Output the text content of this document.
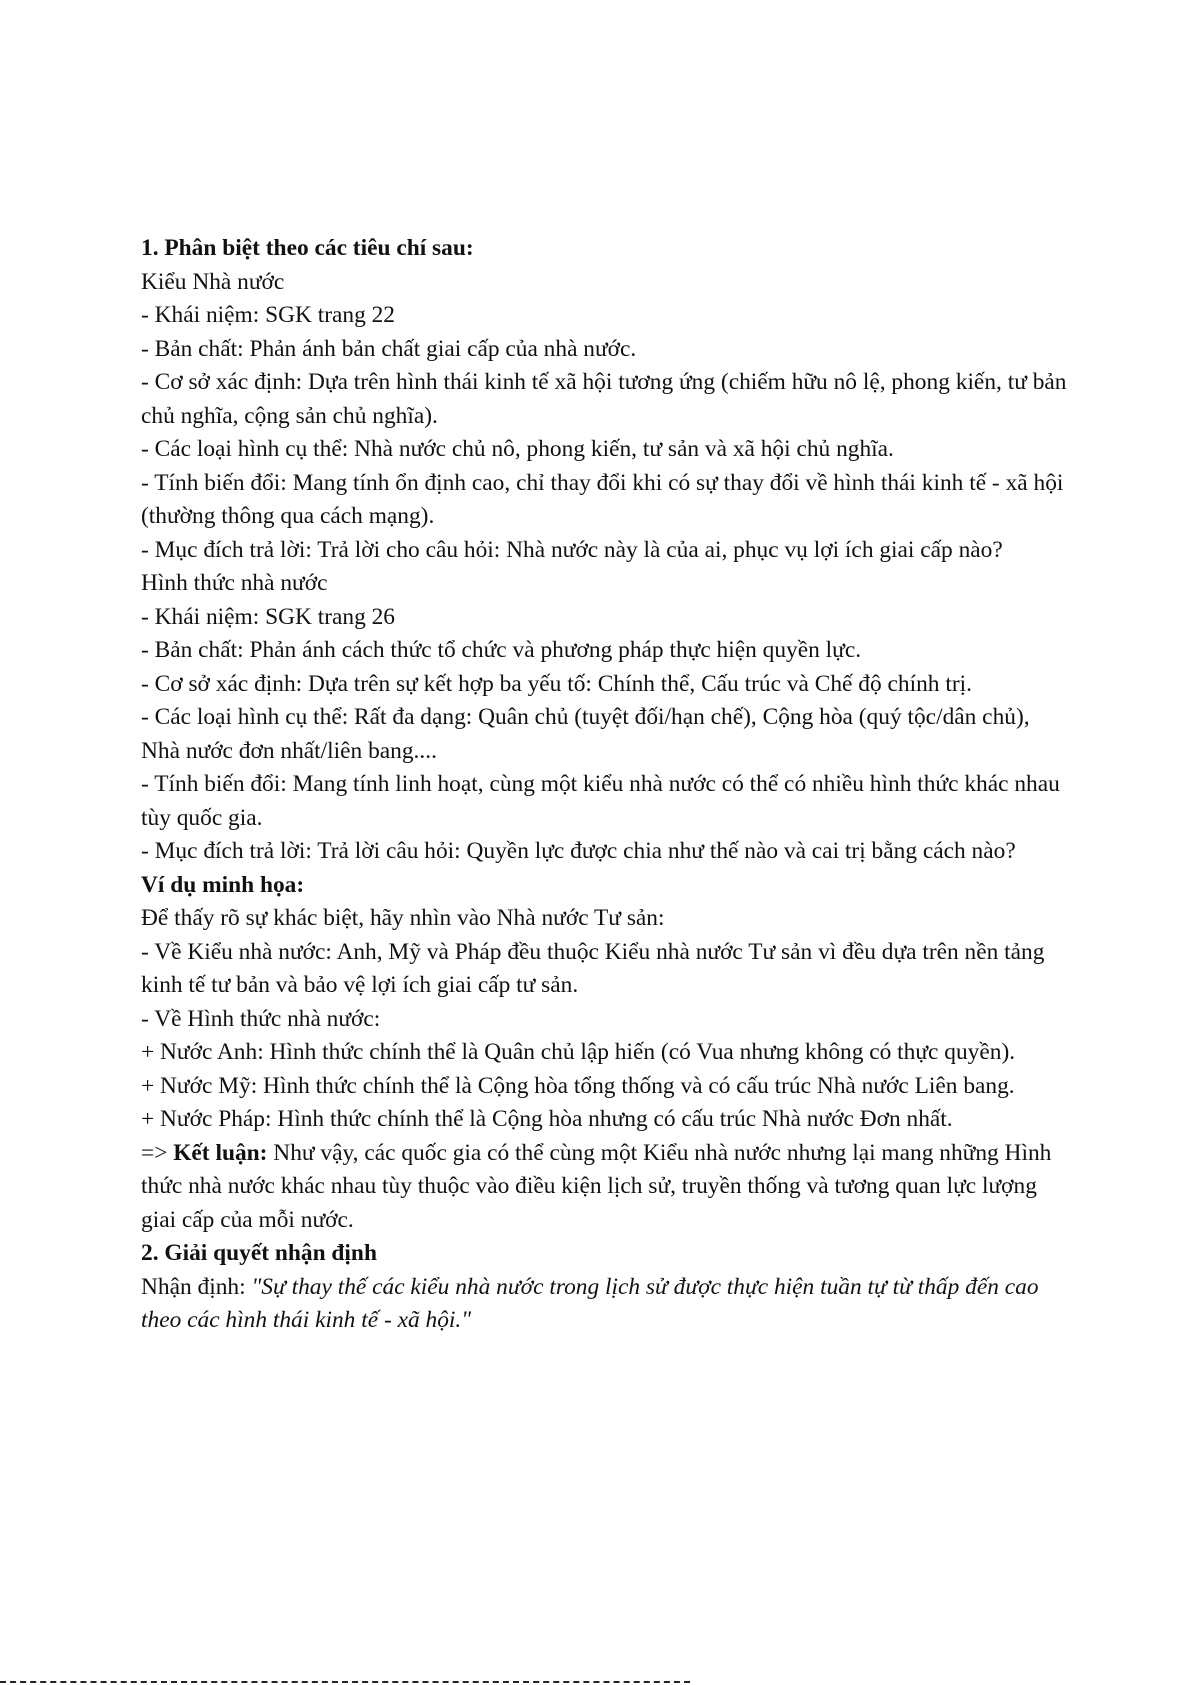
1. Phân biệt theo các tiêu chí sau:

Kiểu Nhà nước

- Khái niệm: SGK trang 22

- Bản chất: Phản ánh bản chất giai cấp của nhà nước.

- Cơ sở xác định: Dựa trên hình thái kinh tế xã hội tương ứng (chiếm hữu nô lệ, phong kiến, tư bản chủ nghĩa, cộng sản chủ nghĩa).

- Các loại hình cụ thể: Nhà nước chủ nô, phong kiến, tư sản và xã hội chủ nghĩa.

- Tính biến đổi: Mang tính ổn định cao, chỉ thay đổi khi có sự thay đổi về hình thái kinh tế - xã hội (thường thông qua cách mạng).

- Mục đích trả lời: Trả lời cho câu hỏi: Nhà nước này là của ai, phục vụ lợi ích giai cấp nào?

Hình thức nhà nước

- Khái niệm: SGK trang 26

- Bản chất: Phản ánh cách thức tổ chức và phương pháp thực hiện quyền lực.

- Cơ sở xác định: Dựa trên sự kết hợp ba yếu tố: Chính thể, Cấu trúc và Chế độ chính trị.

- Các loại hình cụ thể: Rất đa dạng: Quân chủ (tuyệt đối/hạn chế), Cộng hòa (quý tộc/dân chủ), Nhà nước đơn nhất/liên bang....

- Tính biến đổi: Mang tính linh hoạt, cùng một kiểu nhà nước có thể có nhiều hình thức khác nhau tùy quốc gia.

- Mục đích trả lời: Trả lời câu hỏi: Quyền lực được chia như thế nào và cai trị bằng cách nào?

Ví dụ minh họa:

Để thấy rõ sự khác biệt, hãy nhìn vào Nhà nước Tư sản:

- Về Kiểu nhà nước: Anh, Mỹ và Pháp đều thuộc Kiểu nhà nước Tư sản vì đều dựa trên nền tảng kinh tế tư bản và bảo vệ lợi ích giai cấp tư sản.

- Về Hình thức nhà nước:

+ Nước Anh: Hình thức chính thể là Quân chủ lập hiến (có Vua nhưng không có thực quyền).

+ Nước Mỹ: Hình thức chính thể là Cộng hòa tổng thống và có cấu trúc Nhà nước Liên bang.

+ Nước Pháp: Hình thức chính thể là Cộng hòa nhưng có cấu trúc Nhà nước Đơn nhất.

=> Kết luận: Như vậy, các quốc gia có thể cùng một Kiểu nhà nước nhưng lại mang những Hình thức nhà nước khác nhau tùy thuộc vào điều kiện lịch sử, truyền thống và tương quan lực lượng giai cấp của mỗi nước.

2. Giải quyết nhận định

Nhận định: "Sự thay thế các kiểu nhà nước trong lịch sử được thực hiện tuần tự từ thấp đến cao theo các hình thái kinh tế - xã hội."
